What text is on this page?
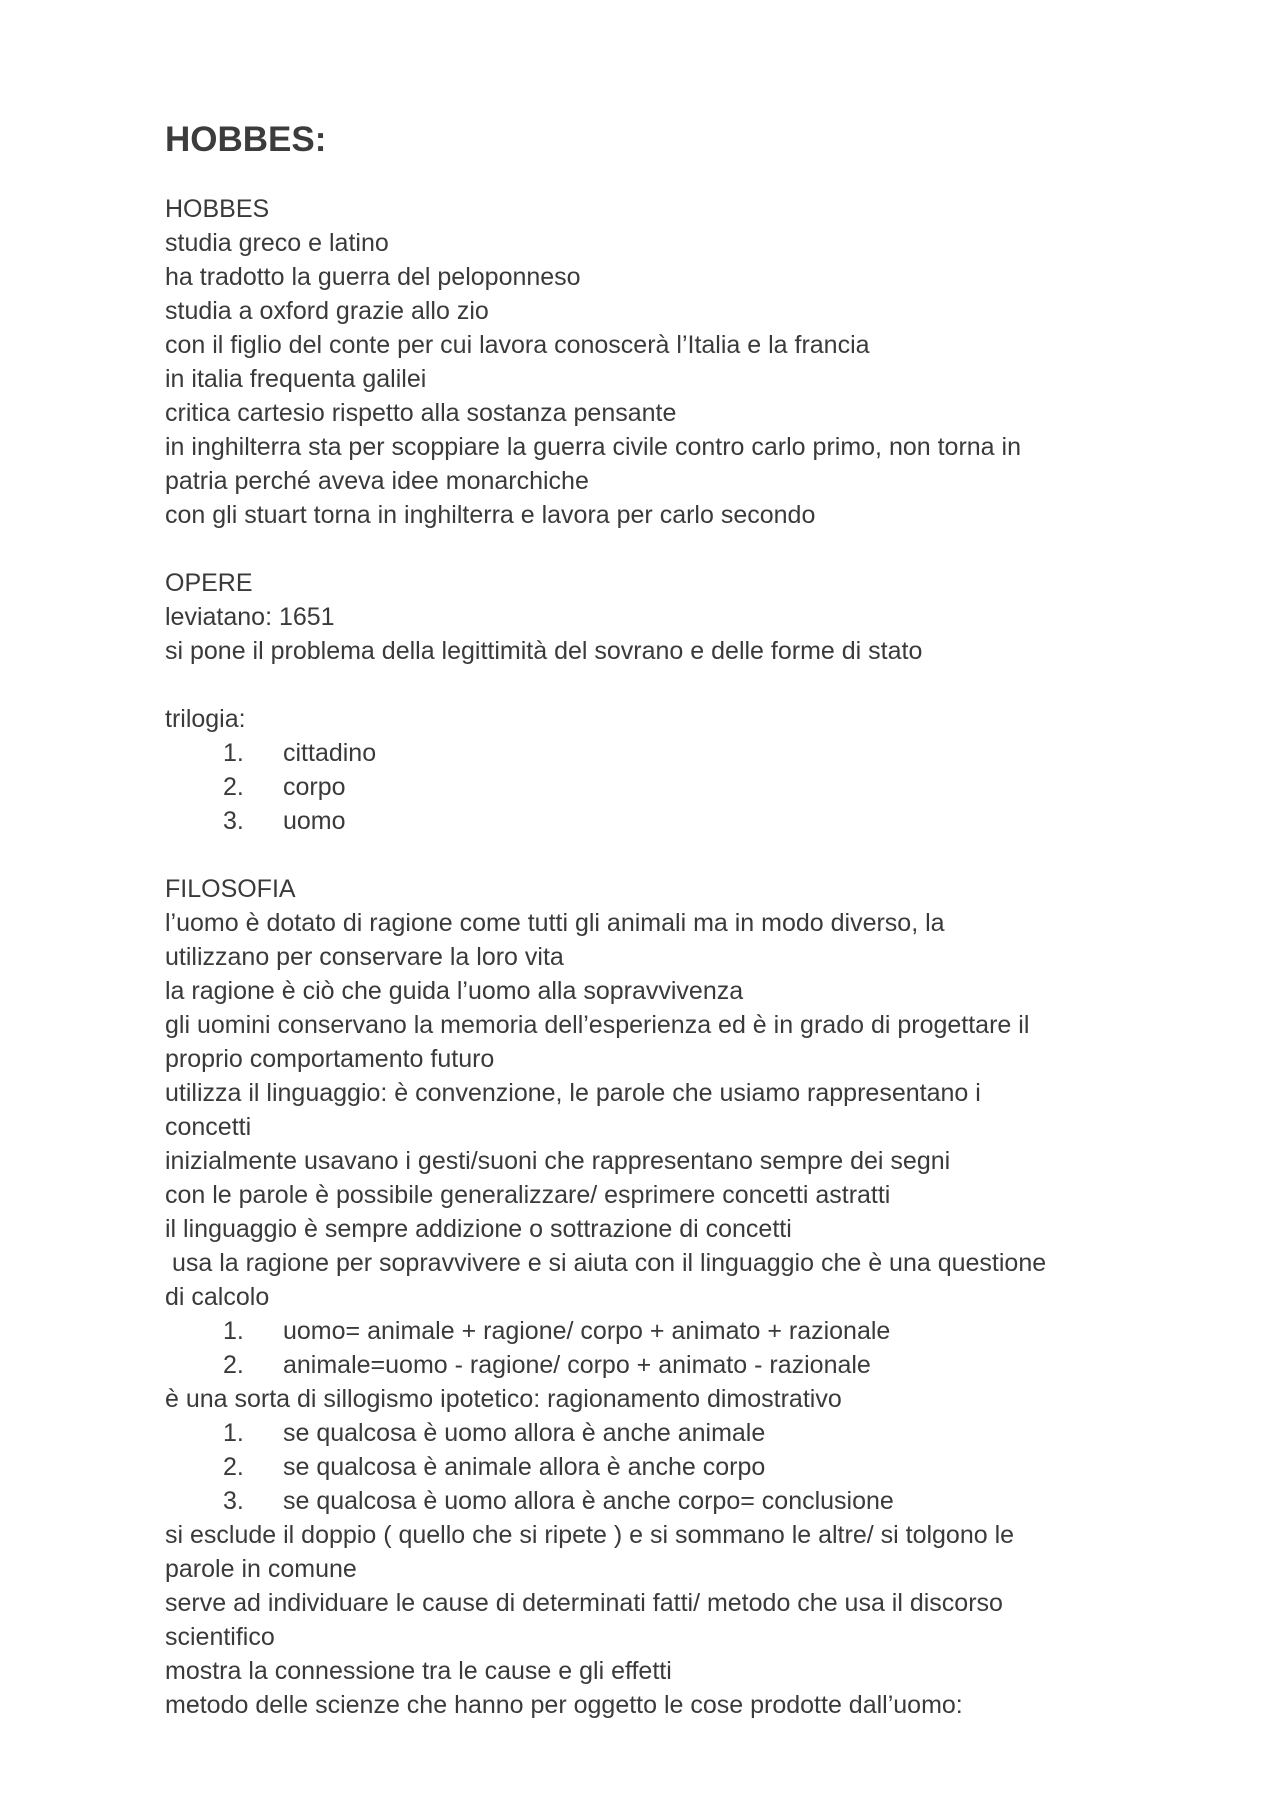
HOBBES:
HOBBES
studia greco e latino
ha tradotto la guerra del peloponneso
studia a oxford grazie allo zio
con il figlio del conte per cui lavora conoscerà l’Italia e la francia
in italia frequenta galilei
critica cartesio rispetto alla sostanza pensante
in inghilterra sta per scoppiare la guerra civile contro carlo primo, non torna in
patria perché aveva idee monarchiche
con gli stuart torna in inghilterra e lavora per carlo secondo
OPERE
leviatano: 1651
si pone il problema della legittimità del sovrano e delle forme di stato
trilogia:
1.	cittadino
2.	corpo
3.	uomo
FILOSOFIA
l’uomo è dotato di ragione come tutti gli animali ma in modo diverso, la
utilizzano per conservare la loro vita
la ragione è ciò che guida l’uomo alla sopravvivenza
gli uomini conservano la memoria dell’esperienza ed è in grado di progettare il
proprio comportamento futuro
utilizza il linguaggio: è convenzione, le parole che usiamo rappresentano i
concetti
inizialmente usavano i gesti/suoni che rappresentano sempre dei segni
con le parole è possibile generalizzare/ esprimere concetti astratti
il linguaggio è sempre addizione o sottrazione di concetti
usa la ragione per sopravvivere e si aiuta con il linguaggio che è una questione
di calcolo
1.	uomo= animale + ragione/ corpo + animato + razionale
2.	animale=uomo - ragione/ corpo + animato - razionale
è una sorta di sillogismo ipotetico: ragionamento dimostrativo
1.	se qualcosa è uomo allora è anche animale
2.	se qualcosa è animale allora è anche corpo
3.	se qualcosa è uomo allora è anche corpo= conclusione
si esclude il doppio ( quello che si ripete ) e si sommano le altre/ si tolgono le
parole in comune
serve ad individuare le cause di determinati fatti/ metodo che usa il discorso
scientifico
mostra la connessione tra le cause e gli effetti
metodo delle scienze che hanno per oggetto le cose prodotte dall’uomo:
